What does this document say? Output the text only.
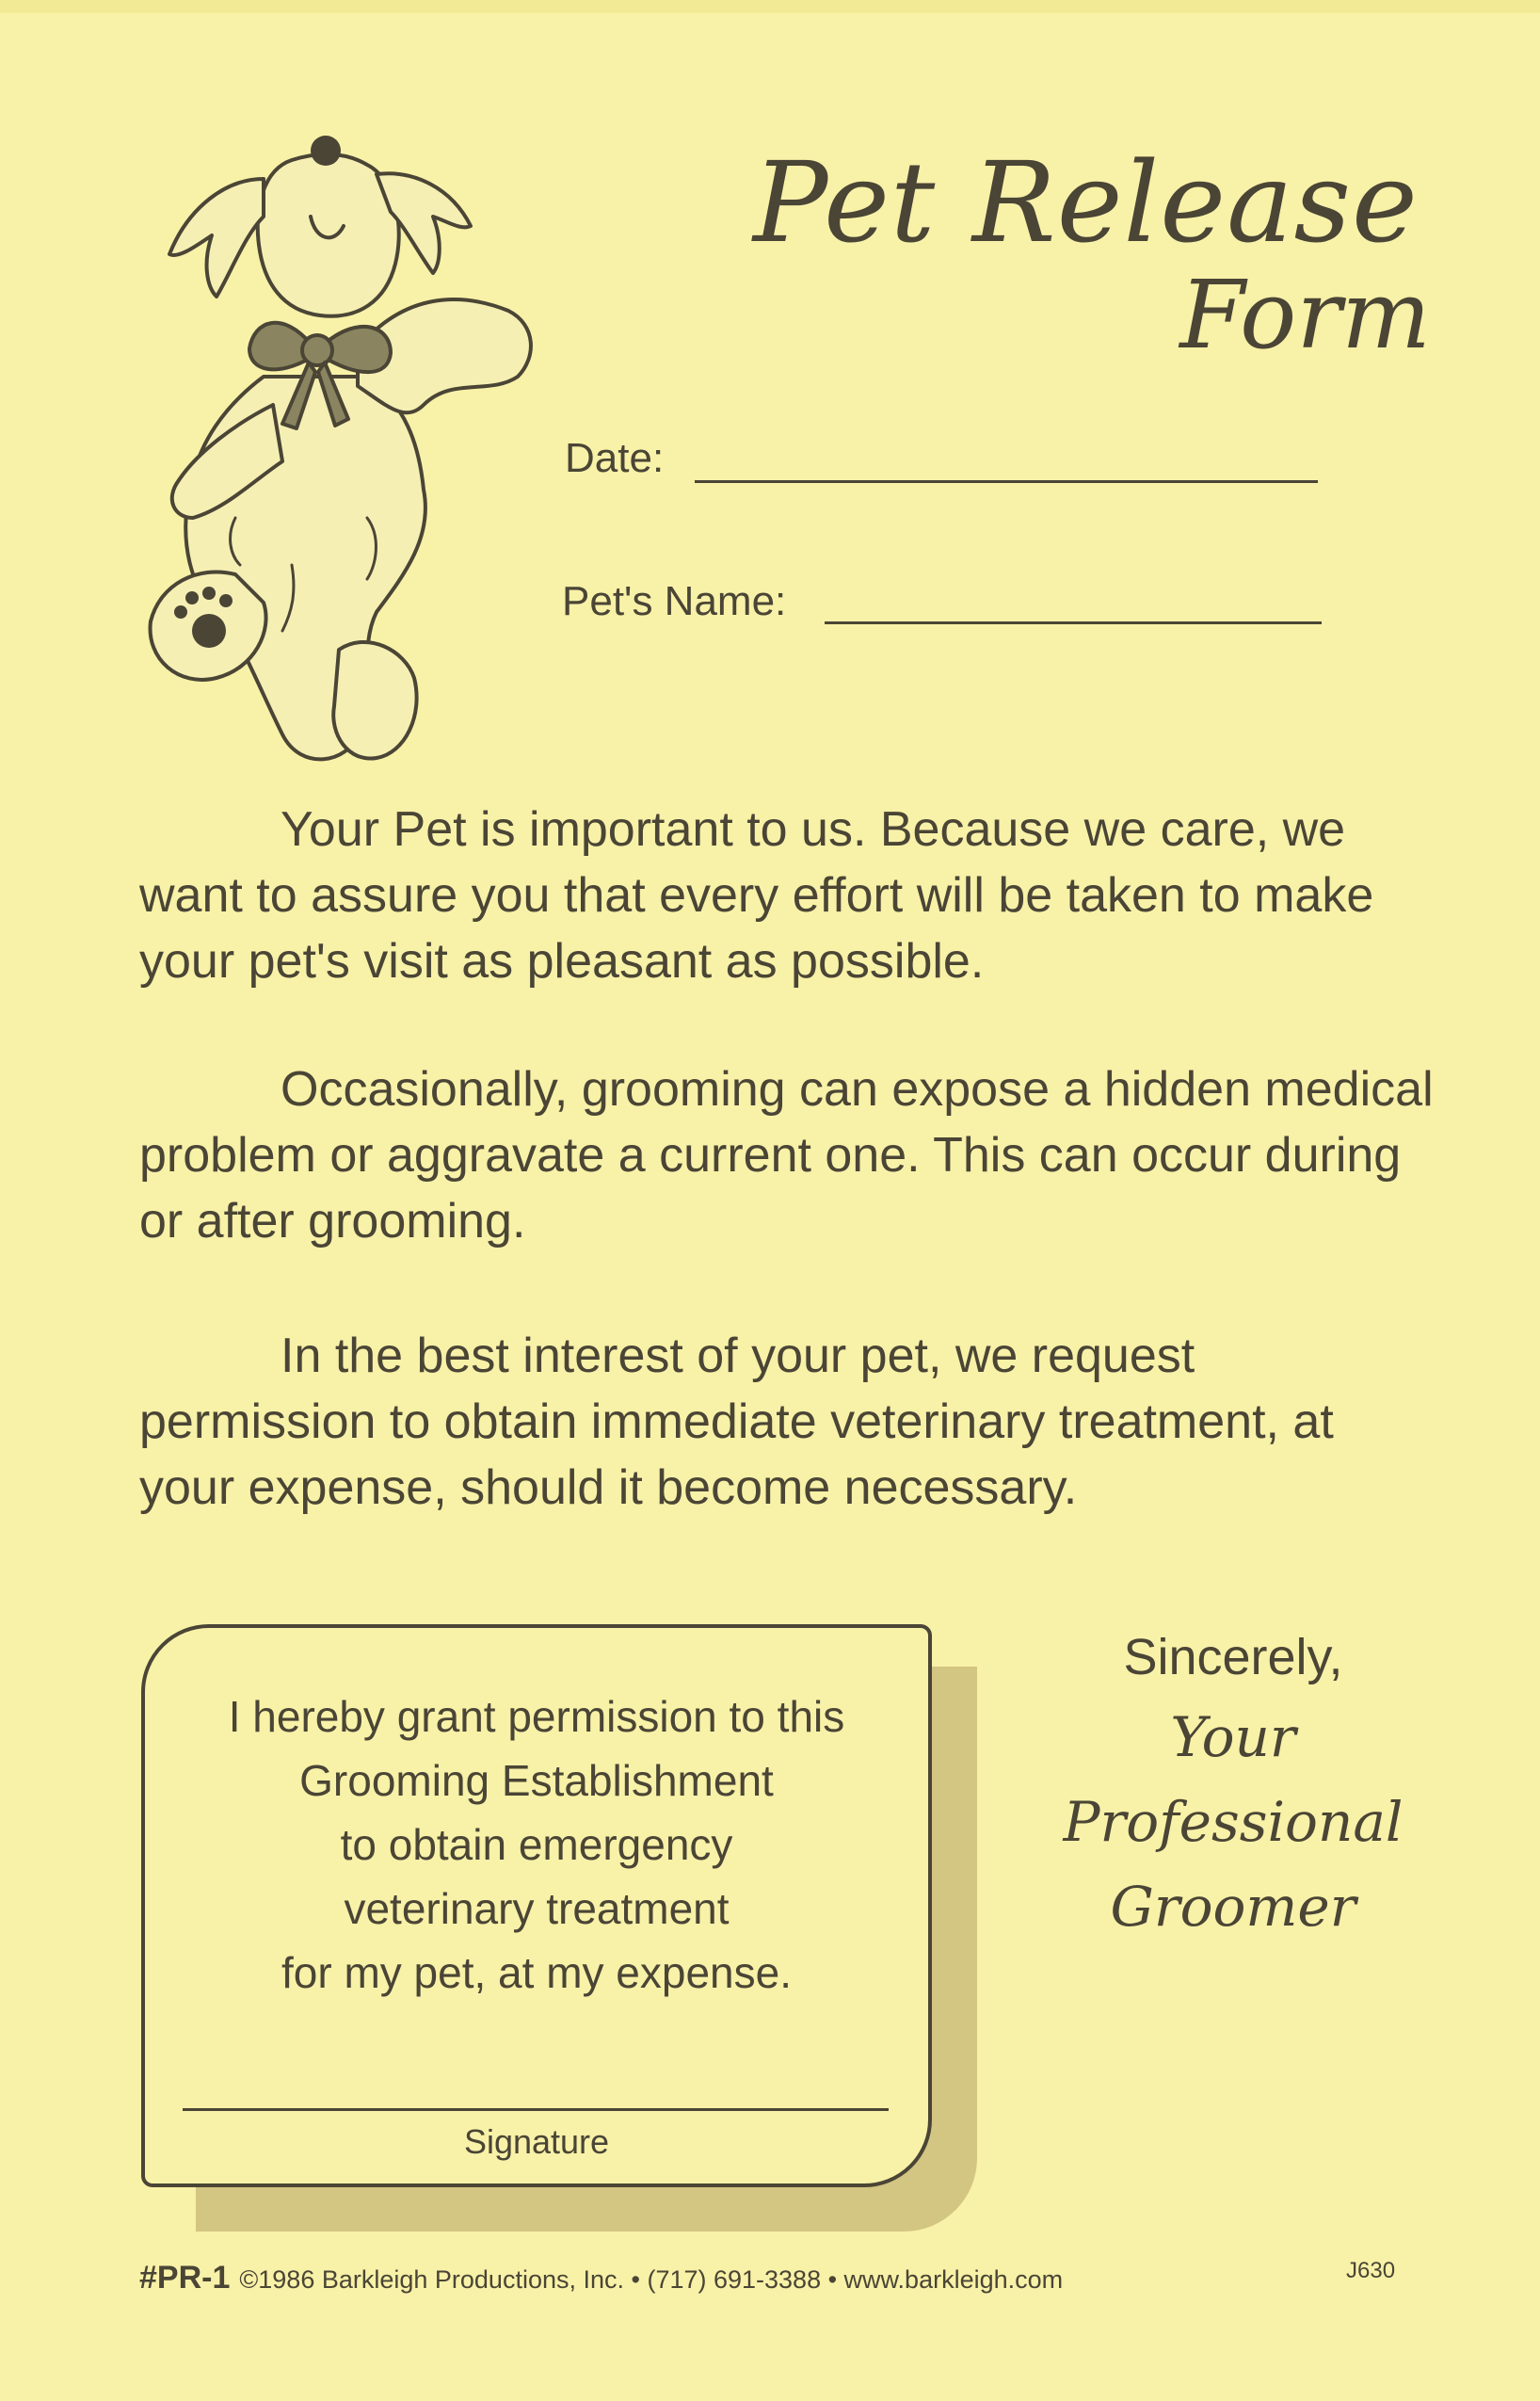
Pet Release
Form
Date:
Pet's Name:
Your Pet is important to us. Because we care, we want to assure you that every effort will be taken to make your pet's visit as pleasant as possible.
Occasionally, grooming can expose a hidden medical problem or aggravate a current one. This can occur during or after grooming.
In the best interest of your pet, we request permission to obtain immediate veterinary treatment, at your expense, should it become necessary.
I hereby grant permission to this
Grooming Establishment
to obtain emergency
veterinary treatment
for my pet, at my expense.
Signature
Sincerely,
Your
Professional
Groomer
#PR-1 ©1986 Barkleigh Productions, Inc. • (717) 691-3388 • www.barkleigh.com	J630
